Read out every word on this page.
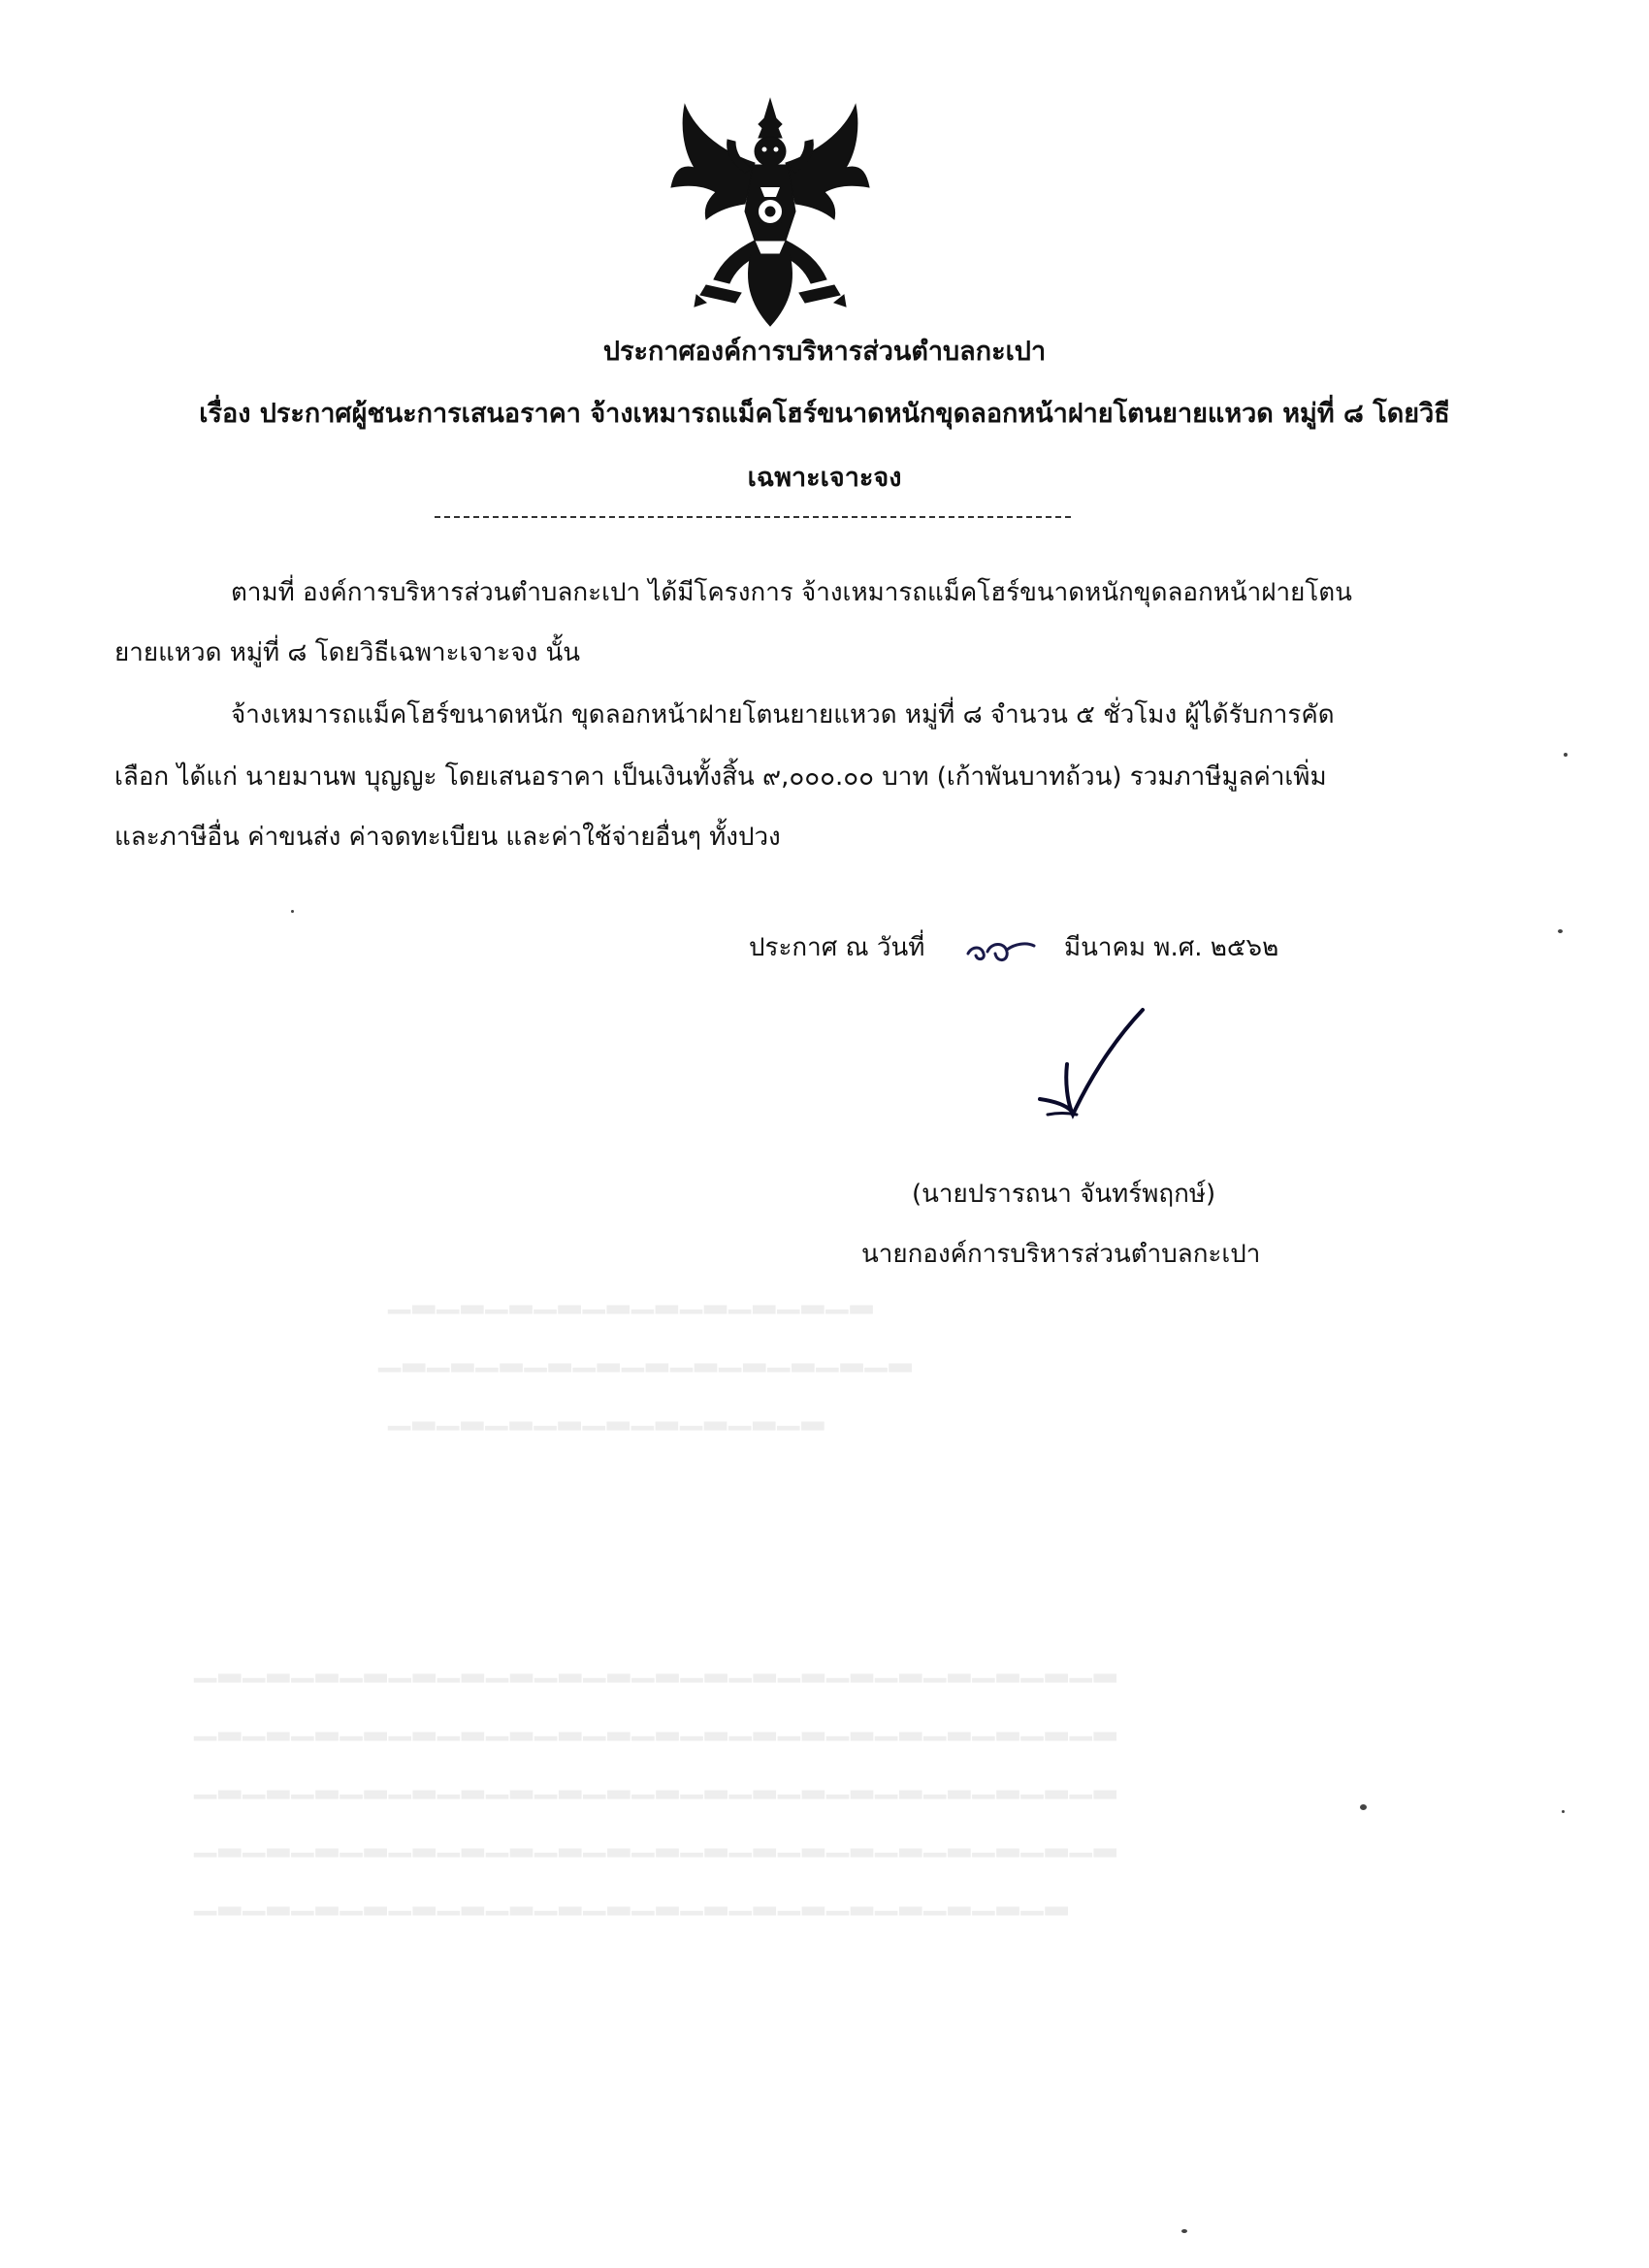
▁▂▁▂▁▂▁▂▁▂▁▂▁▂▁▂▁▂▁▂
▁▂▁▂▁▂▁▂▁▂▁▂▁▂▁▂▁▂▁▂▁▂
▁▂▁▂▁▂▁▂▁▂▁▂▁▂▁▂▁▂
▁▂▁▂▁▂▁▂▁▂▁▂▁▂▁▂▁▂▁▂▁▂▁▂▁▂▁▂▁▂▁▂▁▂▁▂▁▂
▁▂▁▂▁▂▁▂▁▂▁▂▁▂▁▂▁▂▁▂▁▂▁▂▁▂▁▂▁▂▁▂▁▂▁▂▁▂
▁▂▁▂▁▂▁▂▁▂▁▂▁▂▁▂▁▂▁▂▁▂▁▂▁▂▁▂▁▂▁▂▁▂▁▂▁▂
▁▂▁▂▁▂▁▂▁▂▁▂▁▂▁▂▁▂▁▂▁▂▁▂▁▂▁▂▁▂▁▂▁▂▁▂▁▂
▁▂▁▂▁▂▁▂▁▂▁▂▁▂▁▂▁▂▁▂▁▂▁▂▁▂▁▂▁▂▁▂▁▂▁▂
ประกาศองค์การบริหารส่วนตำบลกะเปา
เรื่อง ประกาศผู้ชนะการเสนอราคา จ้างเหมารถแม็คโฮร์ขนาดหนักขุดลอกหน้าฝายโตนยายแหวด หมู่ที่ ๘ โดยวิธี
เฉพาะเจาะจง
ตามที่ องค์การบริหารส่วนตำบลกะเปา ได้มีโครงการ จ้างเหมารถแม็คโฮร์ขนาดหนักขุดลอกหน้าฝายโตน
ยายแหวด หมู่ที่ ๘ โดยวิธีเฉพาะเจาะจง นั้น
จ้างเหมารถแม็คโฮร์ขนาดหนัก ขุดลอกหน้าฝายโตนยายแหวด หมู่ที่ ๘ จำนวน ๕ ชั่วโมง ผู้ได้รับการคัด
เลือก ได้แก่ นายมานพ บุญญะ โดยเสนอราคา เป็นเงินทั้งสิ้น ๙,๐๐๐.๐๐ บาท (เก้าพันบาทถ้วน) รวมภาษีมูลค่าเพิ่ม
และภาษีอื่น ค่าขนส่ง ค่าจดทะเบียน และค่าใช้จ่ายอื่นๆ ทั้งปวง
ประกาศ ณ วันที่	มีนาคม พ.ศ. ๒๕๖๒
(นายปรารถนา จันทร์พฤกษ์)
นายกองค์การบริหารส่วนตำบลกะเปา
